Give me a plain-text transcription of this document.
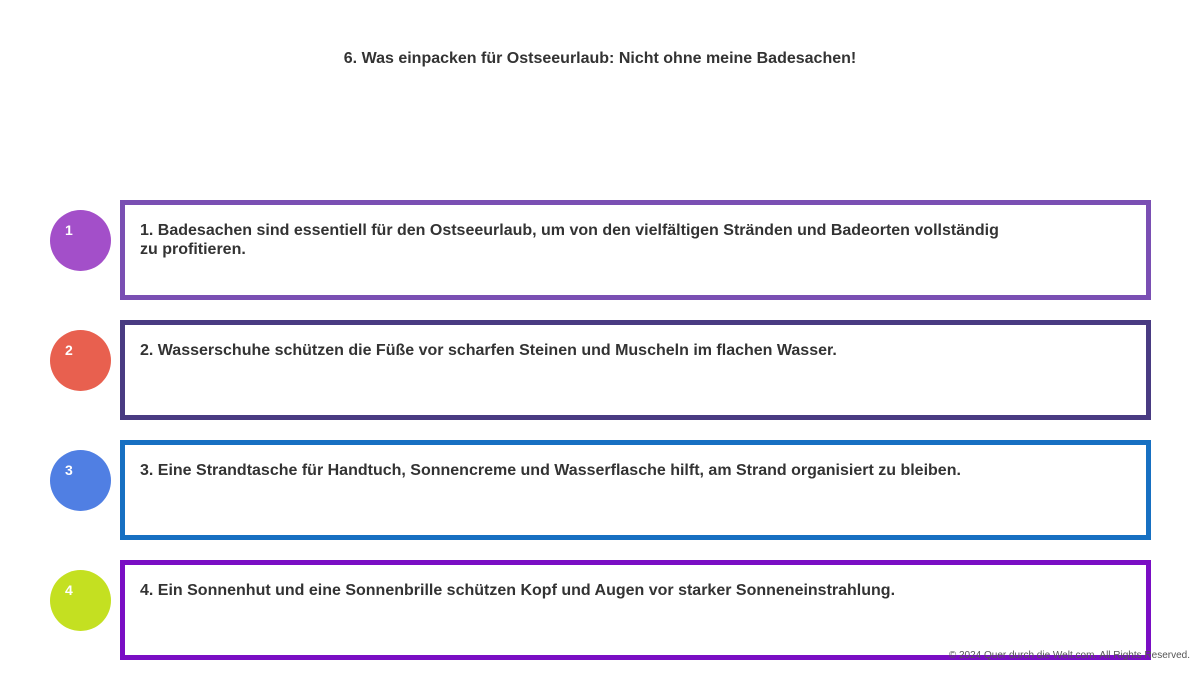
6. Was einpacken für Ostseeurlaub: Nicht ohne meine Badesachen!
1	1. Badesachen sind essentiell für den Ostseeurlaub, um von den vielfältigen Stränden und Badeorten vollständig zu profitieren.
2	2. Wasserschuhe schützen die Füße vor scharfen Steinen und Muscheln im flachen Wasser.
3	3. Eine Strandtasche für Handtuch, Sonnencreme und Wasserflasche hilft, am Strand organisiert zu bleiben.
4	4. Ein Sonnenhut und eine Sonnenbrille schützen Kopf und Augen vor starker Sonneneinstrahlung.
© 2024 Quer durch die Welt.com. All Rights Reserved.
